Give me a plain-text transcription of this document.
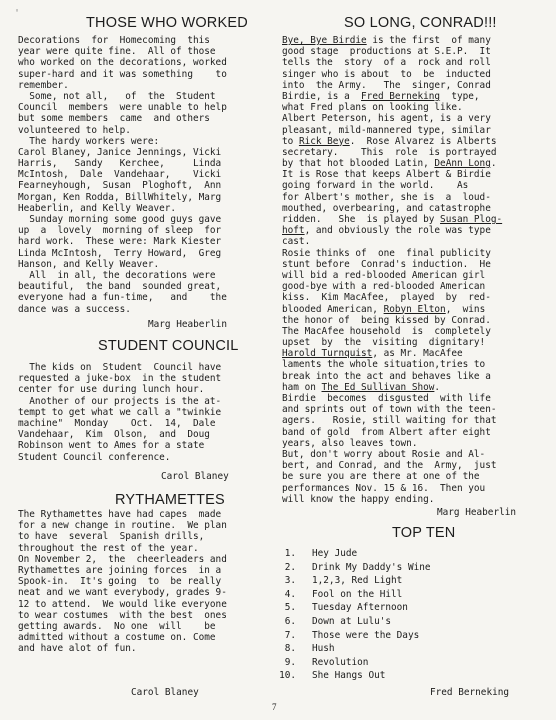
'
THOSE WHO WORKED
Decorations  for  Homecoming  this
year were quite fine.  All of those
who worked on the decorations, worked
super-hard and it was something    to
remember.
Some, not all,   of  the  Student
Council  members  were unable to help
but some members  came  and others
volunteered to help.
The hardy workers were:
Carol Blaney, Janice Jennings, Vicki
Harris,   Sandy   Kerchee,     Linda
McIntosh,  Dale  Vandehaar,    Vicki
Fearneyhough,  Susan  Ploghoft,  Ann
Morgan, Ken Rodda, BillWhitely, Marg
Heaberlin, and Kelly Weaver.
Sunday morning some good guys gave
up  a  lovely  morning of sleep  for
hard work.  These were: Mark Kiester
Linda McIntosh,  Terry Howard,  Greg
Hanson, and Kelly Weaver.
All  in all, the decorations were
beautiful,  the band  sounded great,
everyone had a fun-time,   and    the
dance was a success.
Marg Heaberlin
STUDENT COUNCIL
The kids on  Student  Council have
requested a juke-box  in the student
center for use during lunch hour.
Another of our projects is the at-
tempt to get what we call a "twinkie
machine"  Monday    Oct.  14,  Dale
Vandehaar,  Kim  Olson,  and  Doug
Robinson went to Ames for a state
Student Council conference.
Carol Blaney
RYTHAMETTES
The Rythamettes have had capes  made
for a new change in routine.  We plan
to have  several  Spanish drills,
throughout the rest of the year.
On November 2,  the  cheerleaders and
Rythamettes are joining forces  in a
Spook-in.  It's going  to  be really
neat and we want everybody, grades 9-
12 to attend.  We would like everyone
to wear costumes  with the best  ones
getting awards.  No one  will    be
admitted without a costume on. Come
and have alot of fun.
Carol Blaney
SO LONG, CONRAD!!!
Bye, Bye Birdie is the first  of many
good stage  productions at S.E.P.  It
tells the  story  of a  rock and roll
singer who is about  to  be  inducted
into  the Army.   The  singer, Conrad
Birdie, is a  Fred Berneking  type,
what Fred plans on looking like.
Albert Peterson, his agent, is a very
pleasant, mild-mannered type, similar
to Rick Beye.  Rose Alvarez is Alberts
secretary.    This  role  is portrayed
by that hot blooded Latin, DeAnn Long.
It is Rose that keeps Albert & Birdie
going forward in the world.    As
for Albert's mother, she is  a  loud-
mouthed, overbearing, and catastrophe
ridden.   She  is played by Susan Plog-
hoft, and obviously the role was type
cast.
Rosie thinks of  one  final publicity
stunt before  Conrad's induction.  He
will bid a red-blooded American girl
good-bye with a red-blooded American
kiss.  Kim MacAfee,  played  by  red-
blooded American, Robyn Elton,  wins
the honor of  being kissed by Conrad.
The MacAfee household  is  completely
upset  by  the  visiting  dignitary!
Harold Turnquist, as Mr. MacAfee
laments the whole situation,tries to
break into the act and behaves like a
ham on The Ed Sullivan Show.
Birdie  becomes  disgusted  with life
and sprints out of town with the teen-
agers.   Rosie, still waiting for that
band of gold  from Albert after eight
years, also leaves town.
But, don't worry about Rosie and Al-
bert, and Conrad, and the  Army,  just
be sure you are there at one of the
performances Nov. 15 & 16.  Then you
will know the happy ending.
Marg Heaberlin
TOP TEN
1. Hey Jude
2. Drink My Daddy's Wine
3. 1,2,3, Red Light
4. Fool on the Hill
5. Tuesday Afternoon
6. Down at Lulu's
7. Those were the Days
8. Hush
9. Revolution
10. She Hangs Out
Fred Berneking
7
